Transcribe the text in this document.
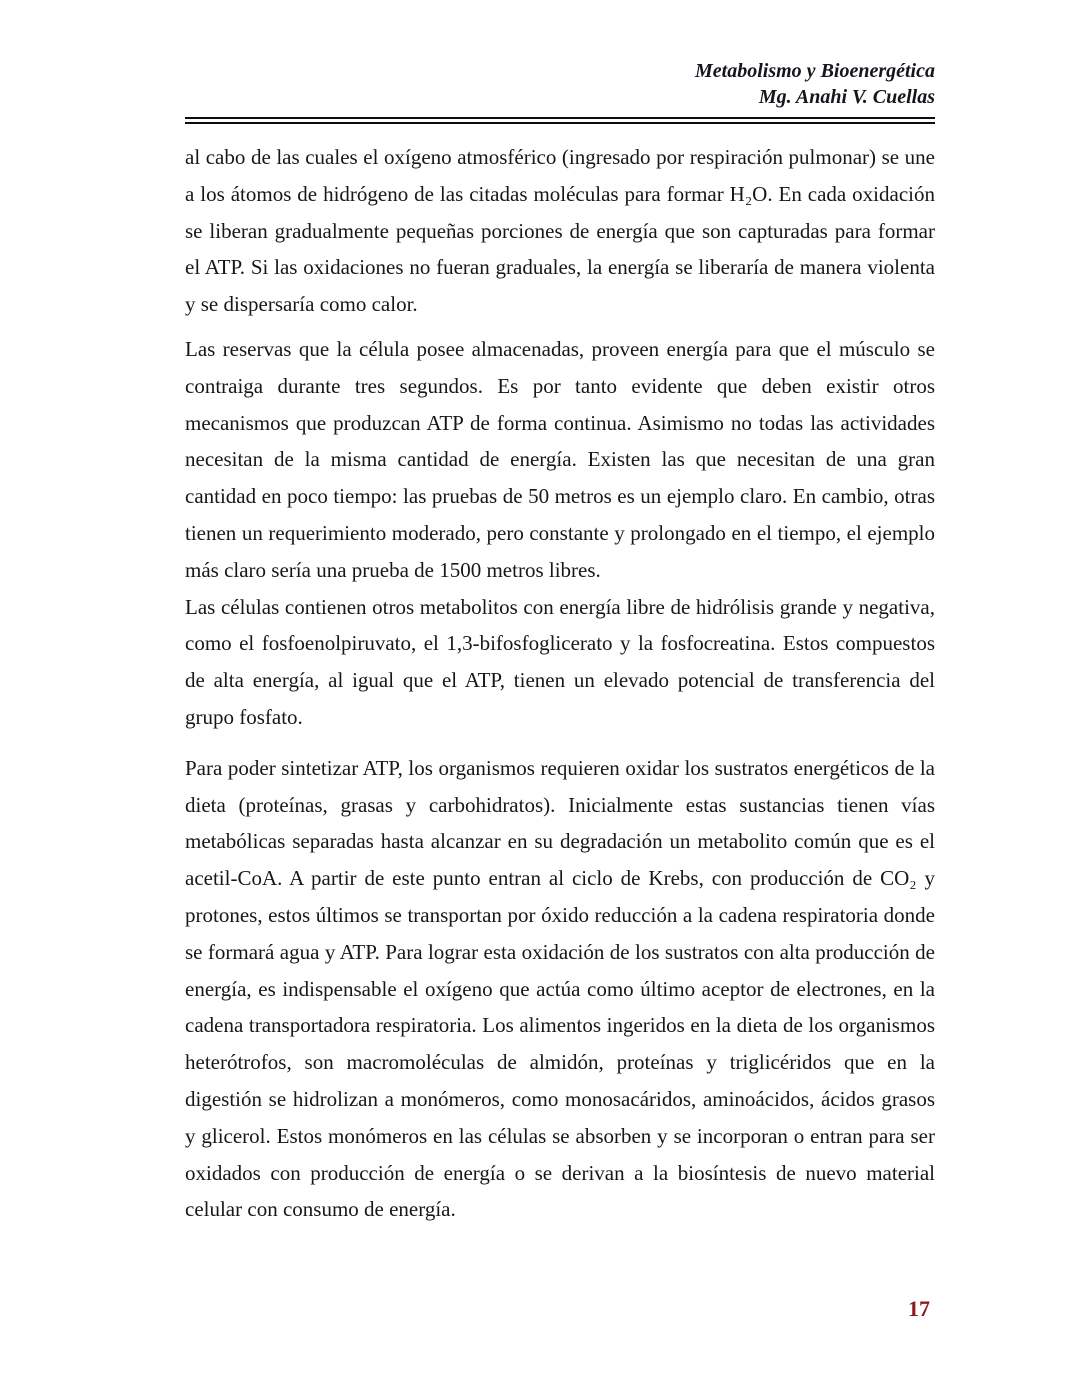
Metabolismo y Bioenergética
Mg. Anahi V. Cuellas

al cabo de las cuales el oxígeno atmosférico (ingresado por respiración pulmonar) se une a los átomos de hidrógeno de las citadas moléculas para formar H₂O. En cada oxidación se liberan gradualmente pequeñas porciones de energía que son capturadas para formar el ATP. Si las oxidaciones no fueran graduales, la energía se liberaría de manera violenta y se dispersaría como calor.

Las reservas que la célula posee almacenadas, proveen energía para que el músculo se contraiga durante tres segundos. Es por tanto evidente que deben existir otros mecanismos que produzcan ATP de forma continua. Asimismo no todas las actividades necesitan de la misma cantidad de energía. Existen las que necesitan de una gran cantidad en poco tiempo: las pruebas de 50 metros es un ejemplo claro. En cambio, otras tienen un requerimiento moderado, pero constante y prolongado en el tiempo, el ejemplo más claro sería una prueba de 1500 metros libres.

Las células contienen otros metabolitos con energía libre de hidrólisis grande y negativa, como el fosfoenolpiruvato, el 1,3-bifosfoglicerato y la fosfocreatina. Estos compuestos de alta energía, al igual que el ATP, tienen un elevado potencial de transferencia del grupo fosfato.

Para poder sintetizar ATP, los organismos requieren oxidar los sustratos energéticos de la dieta (proteínas, grasas y carbohidratos). Inicialmente estas sustancias tienen vías metabólicas separadas hasta alcanzar en su degradación un metabolito común que es el acetil-CoA. A partir de este punto entran al ciclo de Krebs, con producción de CO₂ y protones, estos últimos se transportan por óxido reducción a la cadena respiratoria donde se formará agua y ATP. Para lograr esta oxidación de los sustratos con alta producción de energía, es indispensable el oxígeno que actúa como último aceptor de electrones, en la cadena transportadora respiratoria. Los alimentos ingeridos en la dieta de los organismos heterótrofos, son macromoléculas de almidón, proteínas y triglicéridos que en la digestión se hidrolizan a monómeros, como monosacáridos, aminoácidos, ácidos grasos y glicerol. Estos monómeros en las células se absorben y se incorporan o entran para ser oxidados con producción de energía o se derivan a la biosíntesis de nuevo material celular con consumo de energía.

17
